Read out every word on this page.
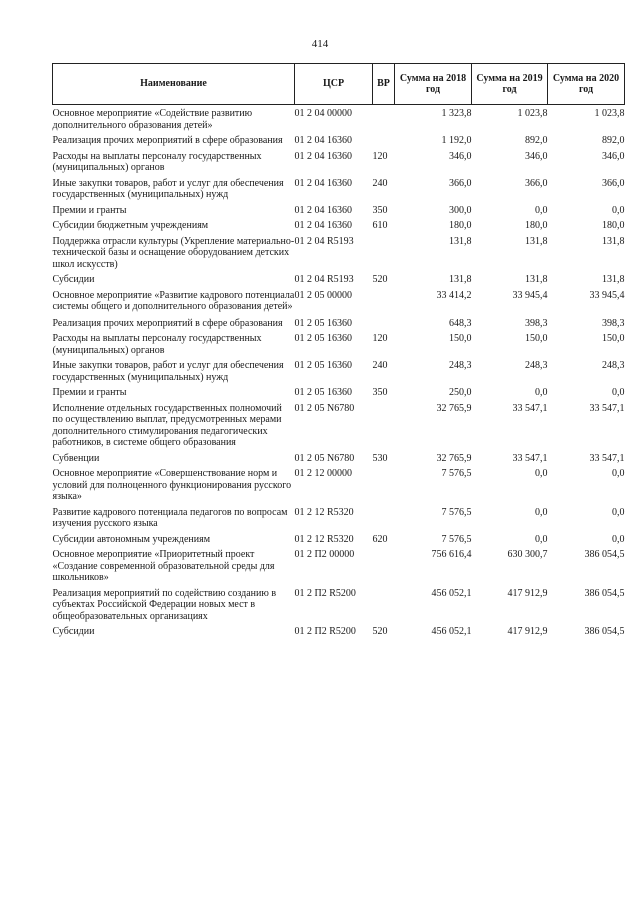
414
Наименование	ЦСР	ВР	Сумма на 2018 год	Сумма на 2019 год	Сумма на 2020 год
Основное мероприятие «Содействие развитию дополнительного образования детей»	01 2 04 00000		1 323,8	1 023,8	1 023,8
Реализация прочих мероприятий в сфере образования	01 2 04 16360		1 192,0	892,0	892,0
Расходы на выплаты персоналу государственных (муниципальных) органов	01 2 04 16360	120	346,0	346,0	346,0
Иные закупки товаров, работ и услуг для обеспечения государственных (муниципальных) нужд	01 2 04 16360	240	366,0	366,0	366,0
Премии и гранты	01 2 04 16360	350	300,0	0,0	0,0
Субсидии бюджетным учреждениям	01 2 04 16360	610	180,0	180,0	180,0
Поддержка отрасли культуры (Укрепление материально-технической базы и оснащение оборудованием детских школ искусств)	01 2 04 R5193		131,8	131,8	131,8
Субсидии	01 2 04 R5193	520	131,8	131,8	131,8
Основное мероприятие «Развитие кадрового потенциала системы общего и дополнительного образования детей»	01 2 05 00000		33 414,2	33 945,4	33 945,4
Реализация прочих мероприятий в сфере образования	01 2 05 16360		648,3	398,3	398,3
Расходы на выплаты персоналу государственных (муниципальных) органов	01 2 05 16360	120	150,0	150,0	150,0
Иные закупки товаров, работ и услуг для обеспечения государственных (муниципальных) нужд	01 2 05 16360	240	248,3	248,3	248,3
Премии и гранты	01 2 05 16360	350	250,0	0,0	0,0
Исполнение отдельных государственных полномочий по осуществлению выплат, предусмотренных мерами дополнительного стимулирования педагогических работников, в системе общего образования	01 2 05 N6780		32 765,9	33 547,1	33 547,1
Субвенции	01 2 05 N6780	530	32 765,9	33 547,1	33 547,1
Основное мероприятие «Совершенствование норм и условий для полноценного функционирования русского языка»	01 2 12 00000		7 576,5	0,0	0,0
Развитие кадрового потенциала педагогов по вопросам изучения русского языка	01 2 12 R5320		7 576,5	0,0	0,0
Субсидии автономным учреждениям	01 2 12 R5320	620	7 576,5	0,0	0,0
Основное мероприятие «Приоритетный проект «Создание современной образовательной среды для школьников»	01 2 П2 00000		756 616,4	630 300,7	386 054,5
Реализация мероприятий по содействию созданию в субъектах Российской Федерации новых мест в общеобразовательных организациях	01 2 П2 R5200		456 052,1	417 912,9	386 054,5
Субсидии	01 2 П2 R5200	520	456 052,1	417 912,9	386 054,5
